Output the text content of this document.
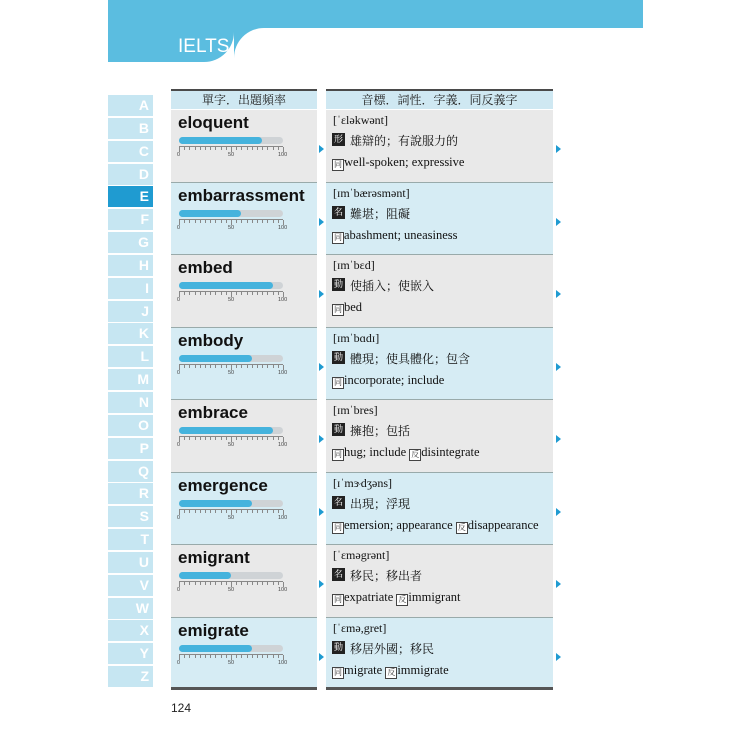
IELTS
A
B
C
D
E
F
G
H
I
J
K
L
M
N
O
P
Q
R
S
T
U
V
W
X
Y
Z
單字．出題頻率	音標．詞性．字義．同反義字
eloquent
0	50	100
[ˈɛləkwənt]
形 雄辯的；有說服力的
同 well-spoken; expressive
embarrassment
0	50	100
[ɪmˈbærəsmənt]
名 難堪；阻礙
同 abashment; uneasiness
embed
0	50	100
[ɪmˈbɛd]
動 使插入；使嵌入
同 bed
embody
0	50	100
[ɪmˈbɑdɪ]
動 體現；使具體化；包含
同 incorporate; include
embrace
0	50	100
[ɪmˈbres]
動 擁抱；包括
同 hug; include 反 disintegrate
emergence
0	50	100
[ɪˈmɝdʒəns]
名 出現；浮現
同 emersion; appearance 反 disappearance
emigrant
0	50	100
[ˈɛməgrənt]
名 移民；移出者
同 expatriate 反 immigrant
emigrate
0	50	100
[ˈɛmə,gret]
動 移居外國；移民
同 migrate 反 immigrate
124
